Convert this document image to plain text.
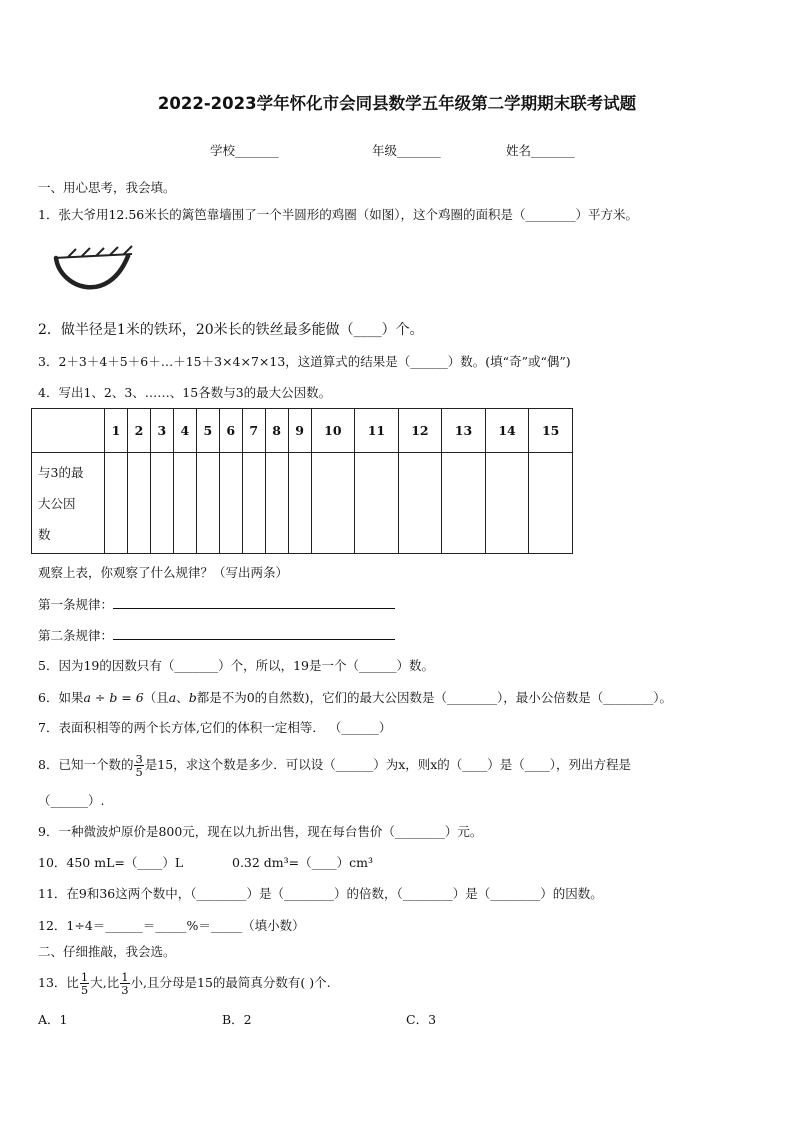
2022-2023学年怀化市会同县数学五年级第二学期期末联考试题
学校_______	年级_______	姓名_______
一、用心思考，我会填。
1．张大爷用12.56米长的篱笆靠墙围了一个半圆形的鸡圈（如图），这个鸡圈的面积是（________）平方米。
2．做半径是1米的铁环，20米长的铁丝最多能做（____）个。
3．2＋3＋4＋5＋6＋…＋15＋3×4×7×13，这道算式的结果是（______）数。(填“奇”或“偶”)
4．写出1、2、3、……、15各数与3的最大公因数。
	1	2	3	4	5	6	7	8	9	10	11	12	13	14	15

与3的最
大公因
数															

观察上表，你观察了什么规律？（写出两条）
第一条规律：
第二条规律：
5．因为19的因数只有（_______）个，所以，19是一个（______）数。
6．如果a ÷ b = 6（且a、b都是不为0的自然数)，它们的最大公因数是（________），最小公倍数是（________）。
7．表面积相等的两个长方体,它们的体积一定相等． （______）
8．已知一个数的 $\frac{3}{5}$ 是15，求这个数是多少．可以设（______）为x，则x的（____）是（____），列出方程是
（______）.
9．一种微波炉原价是800元，现在以九折出售，现在每台售价（________）元。
10．450 mL=（____）L	0.32 dm³=（____）cm³
11．在9和36这两个数中，（________）是（________）的倍数，（________）是（________）的因数。
12．1÷4＝______＝_____%＝_____（填小数）
二、仔细推敲，我会选。
13．比 $\frac{1}{5}$ 大,比 $\frac{1}{3}$ 小,且分母是15的最简真分数有( )个.
A．1	B．2	C．3
